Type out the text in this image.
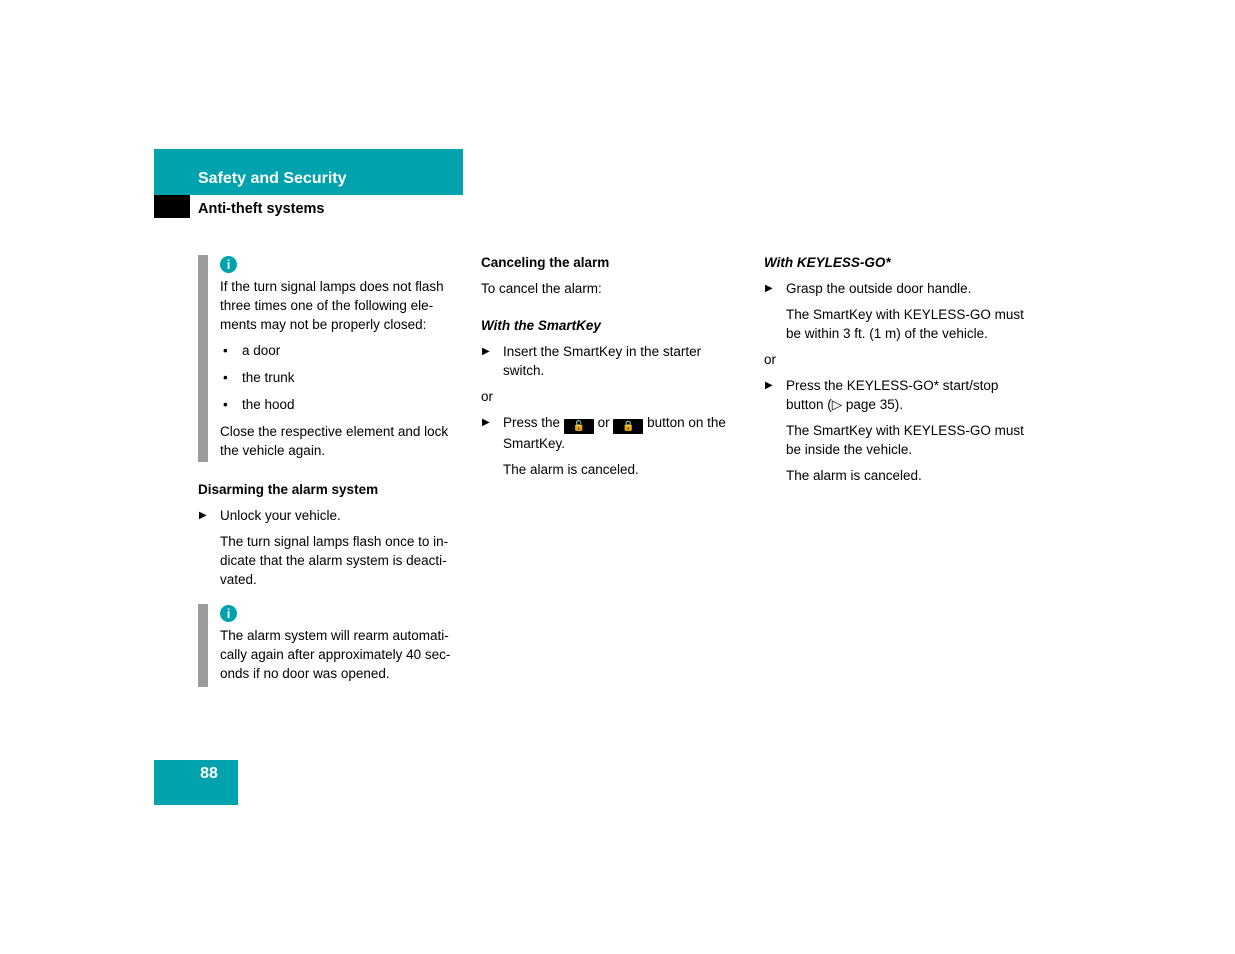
Safety and Security
Anti-theft systems
i

If the turn signal lamps does not flash three times one of the following ele-ments may not be properly closed:

• a door
• the trunk
• the hood

Close the respective element and lock the vehicle again.

Disarming the alarm system
▶ Unlock your vehicle.

The turn signal lamps flash once to in-dicate that the alarm system is deacti-vated.

i

The alarm system will rearm automati-cally again after approximately 40 sec-onds if no door was opened.

Canceling the alarm

To cancel the alarm:

With the SmartKey
▶ Insert the SmartKey in the starter switch.

or

▶ Press the 🔓 or 🔒 button on the SmartKey.

The alarm is canceled.

With KEYLESS-GO*
▶ Grasp the outside door handle.

The SmartKey with KEYLESS-GO must be within 3 ft. (1 m) of the vehicle.

or

▶ Press the KEYLESS-GO* start/stop button (▷ page 35).

The SmartKey with KEYLESS-GO must be inside the vehicle.

The alarm is canceled.

88
